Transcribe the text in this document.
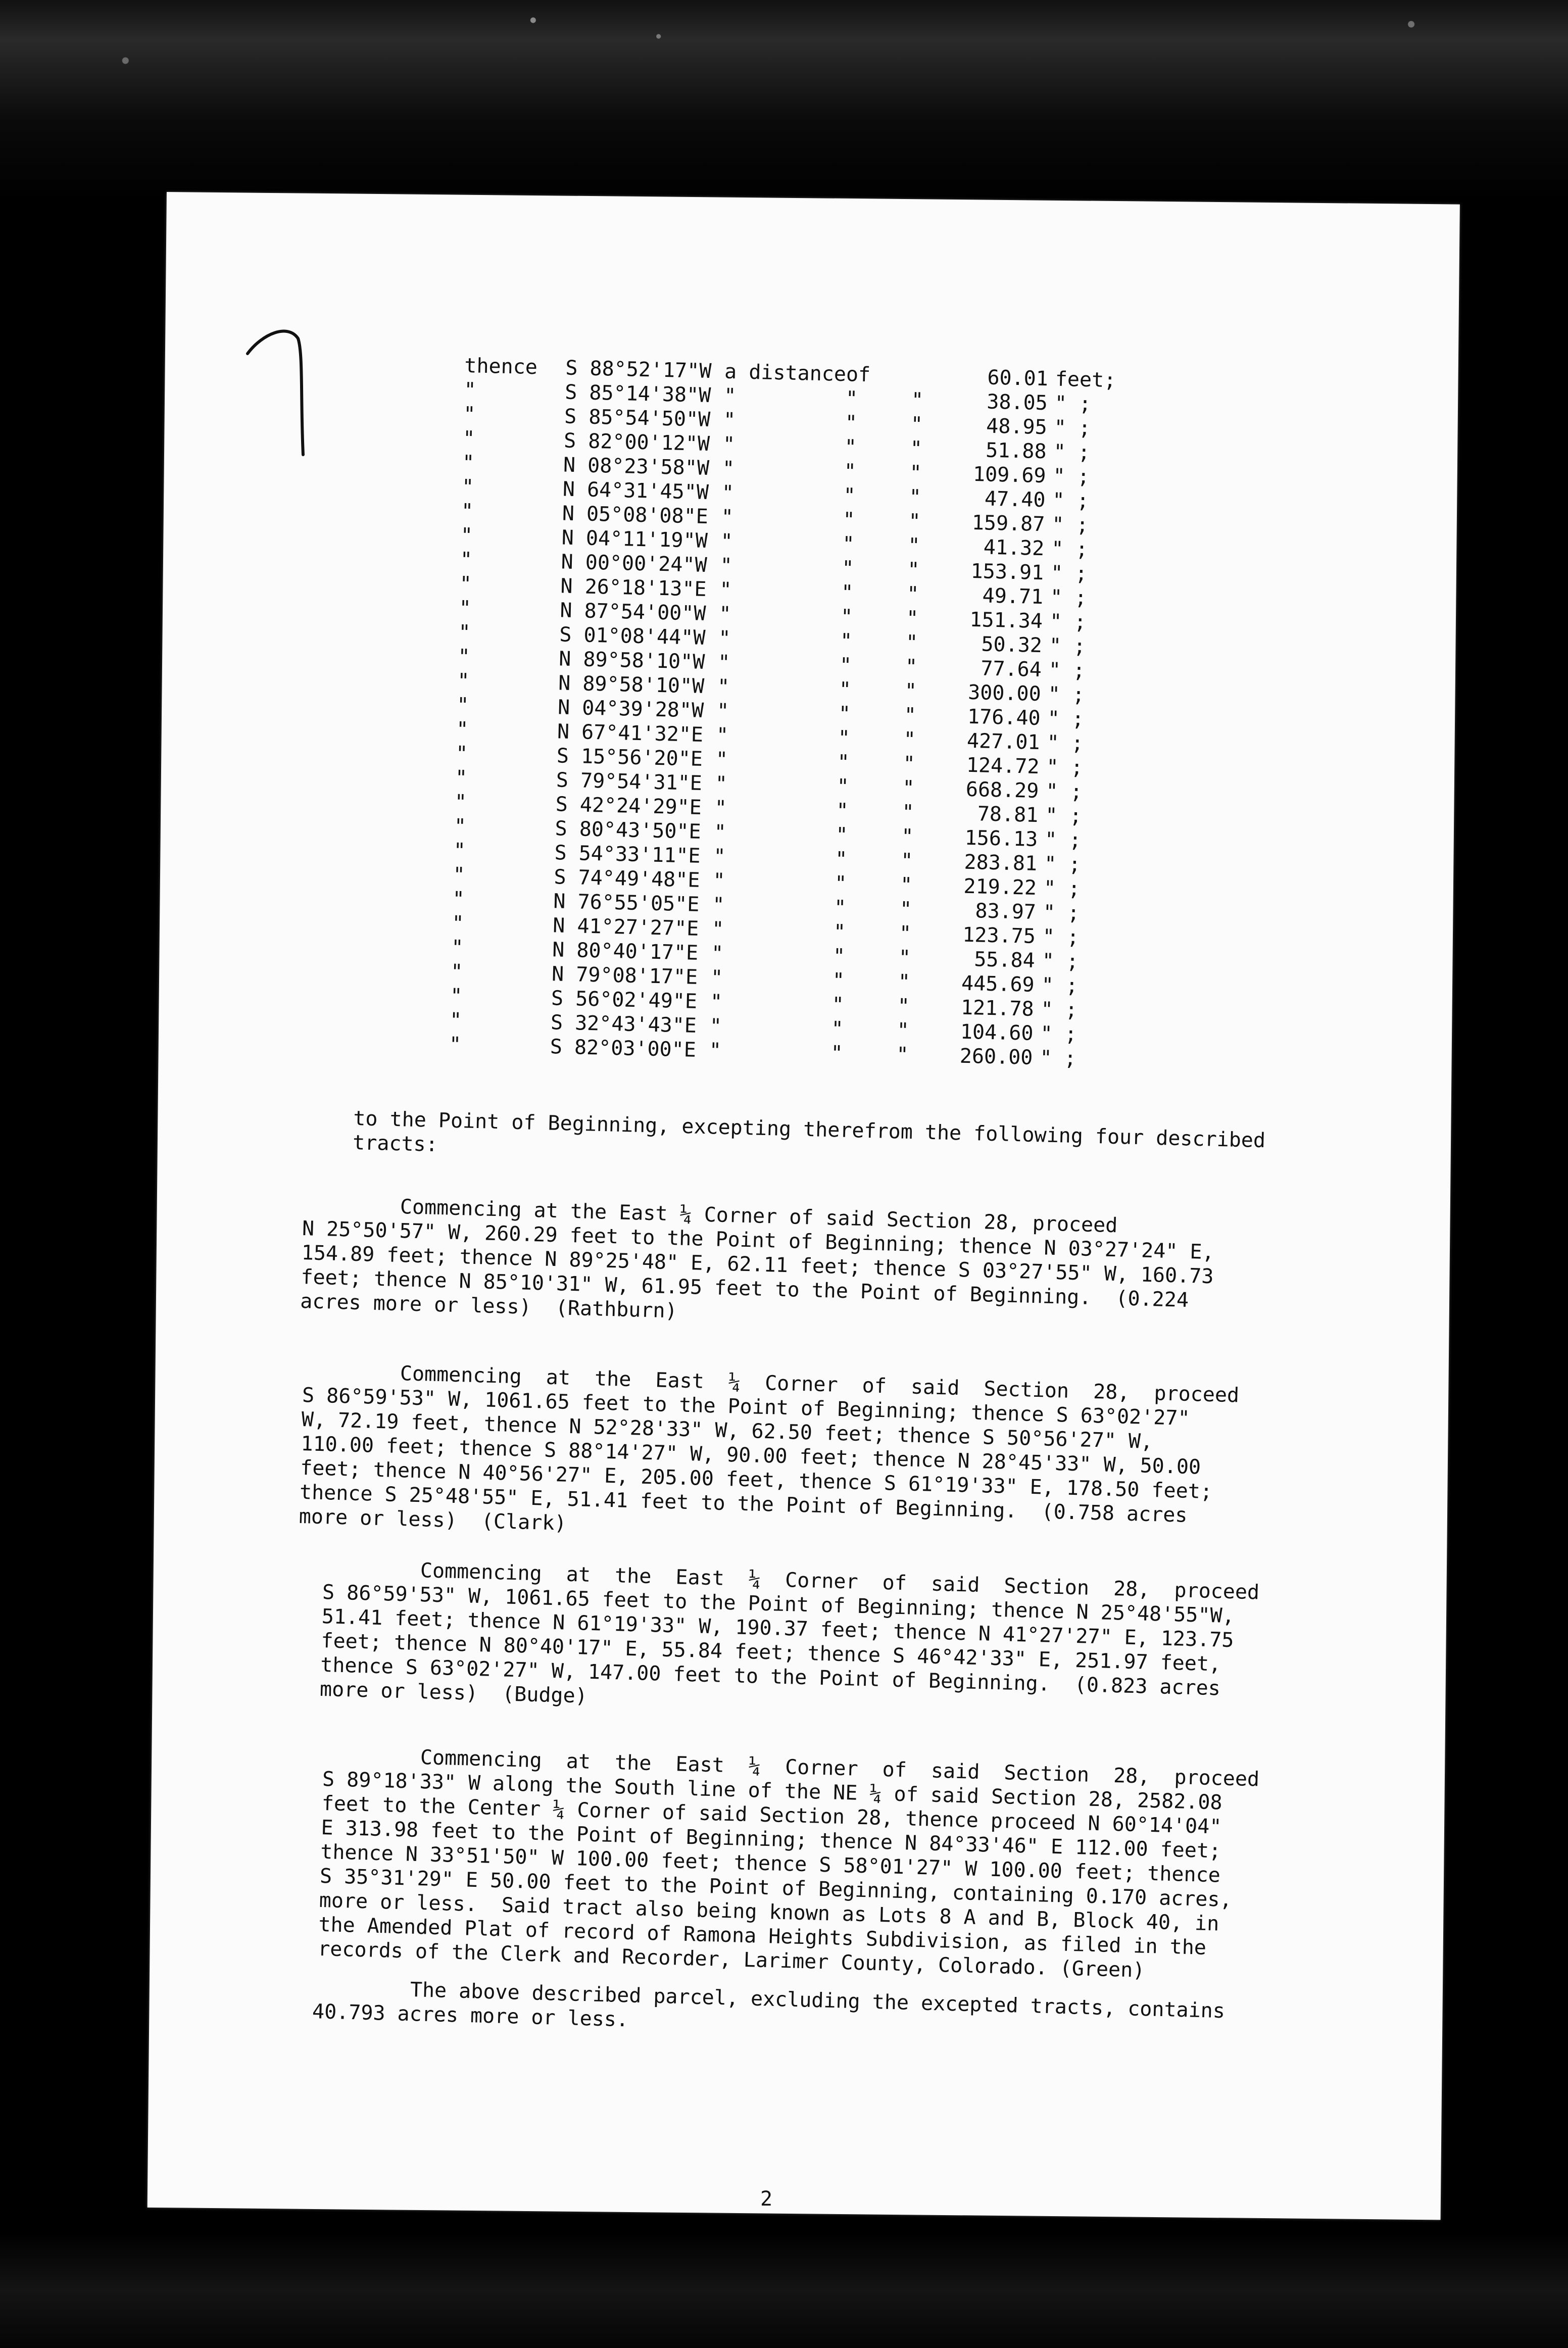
thence	S 88°52'17"	W	a distance	of		60.01	feet;
"	S 85°14'38"	W	"	"	"	38.05	" ;
"	S 85°54'50"	W	"	"	"	48.95	" ;
"	S 82°00'12"	W	"	"	"	51.88	" ;
"	N 08°23'58"	W	"	"	"	109.69	" ;
"	N 64°31'45"	W	"	"	"	47.40	" ;
"	N 05°08'08"	E	"	"	"	159.87	" ;
"	N 04°11'19"	W	"	"	"	41.32	" ;
"	N 00°00'24"	W	"	"	"	153.91	" ;
"	N 26°18'13"	E	"	"	"	49.71	" ;
"	N 87°54'00"	W	"	"	"	151.34	" ;
"	S 01°08'44"	W	"	"	"	50.32	" ;
"	N 89°58'10"	W	"	"	"	77.64	" ;
"	N 89°58'10"	W	"	"	"	300.00	" ;
"	N 04°39'28"	W	"	"	"	176.40	" ;
"	N 67°41'32"	E	"	"	"	427.01	" ;
"	S 15°56'20"	E	"	"	"	124.72	" ;
"	S 79°54'31"	E	"	"	"	668.29	" ;
"	S 42°24'29"	E	"	"	"	78.81	" ;
"	S 80°43'50"	E	"	"	"	156.13	" ;
"	S 54°33'11"	E	"	"	"	283.81	" ;
"	S 74°49'48"	E	"	"	"	219.22	" ;
"	N 76°55'05"	E	"	"	"	83.97	" ;
"	N 41°27'27"	E	"	"	"	123.75	" ;
"	N 80°40'17"	E	"	"	"	55.84	" ;
"	N 79°08'17"	E	"	"	"	445.69	" ;
"	S 56°02'49"	E	"	"	"	121.78	" ;
"	S 32°43'43"	E	"	"	"	104.60	" ;
"	S 82°03'00"	E	"	"	"	260.00	" ;
to the Point of Beginning, excepting therefrom the following four described
tracts:
Commencing at the East ¼ Corner of said Section 28, proceed
N 25°50'57" W, 260.29 feet to the Point of Beginning; thence N 03°27'24" E,
154.89 feet; thence N 89°25'48" E, 62.11 feet; thence S 03°27'55" W, 160.73
feet; thence N 85°10'31" W, 61.95 feet to the Point of Beginning.  (0.224
acres more or less)  (Rathburn)
Commencing  at  the  East  ¼  Corner  of  said  Section  28,  proceed
S 86°59'53" W, 1061.65 feet to the Point of Beginning; thence S 63°02'27"
W, 72.19 feet, thence N 52°28'33" W, 62.50 feet; thence S 50°56'27" W,
110.00 feet; thence S 88°14'27" W, 90.00 feet; thence N 28°45'33" W, 50.00
feet; thence N 40°56'27" E, 205.00 feet, thence S 61°19'33" E, 178.50 feet;
thence S 25°48'55" E, 51.41 feet to the Point of Beginning.  (0.758 acres
more or less)  (Clark)
Commencing  at  the  East  ¼  Corner  of  said  Section  28,  proceed
S 86°59'53" W, 1061.65 feet to the Point of Beginning; thence N 25°48'55"W,
51.41 feet; thence N 61°19'33" W, 190.37 feet; thence N 41°27'27" E, 123.75
feet; thence N 80°40'17" E, 55.84 feet; thence S 46°42'33" E, 251.97 feet,
thence S 63°02'27" W, 147.00 feet to the Point of Beginning.  (0.823 acres
more or less)  (Budge)
Commencing  at  the  East  ¼  Corner  of  said  Section  28,  proceed
S 89°18'33" W along the South line of the NE ¼ of said Section 28, 2582.08
feet to the Center ¼ Corner of said Section 28, thence proceed N 60°14'04"
E 313.98 feet to the Point of Beginning; thence N 84°33'46" E 112.00 feet;
thence N 33°51'50" W 100.00 feet; thence S 58°01'27" W 100.00 feet; thence
S 35°31'29" E 50.00 feet to the Point of Beginning, containing 0.170 acres,
more or less.  Said tract also being known as Lots 8 A and B, Block 40, in
the Amended Plat of record of Ramona Heights Subdivision, as filed in the
records of the Clerk and Recorder, Larimer County, Colorado. (Green)
The above described parcel, excluding the excepted tracts, contains
40.793 acres more or less.
2
